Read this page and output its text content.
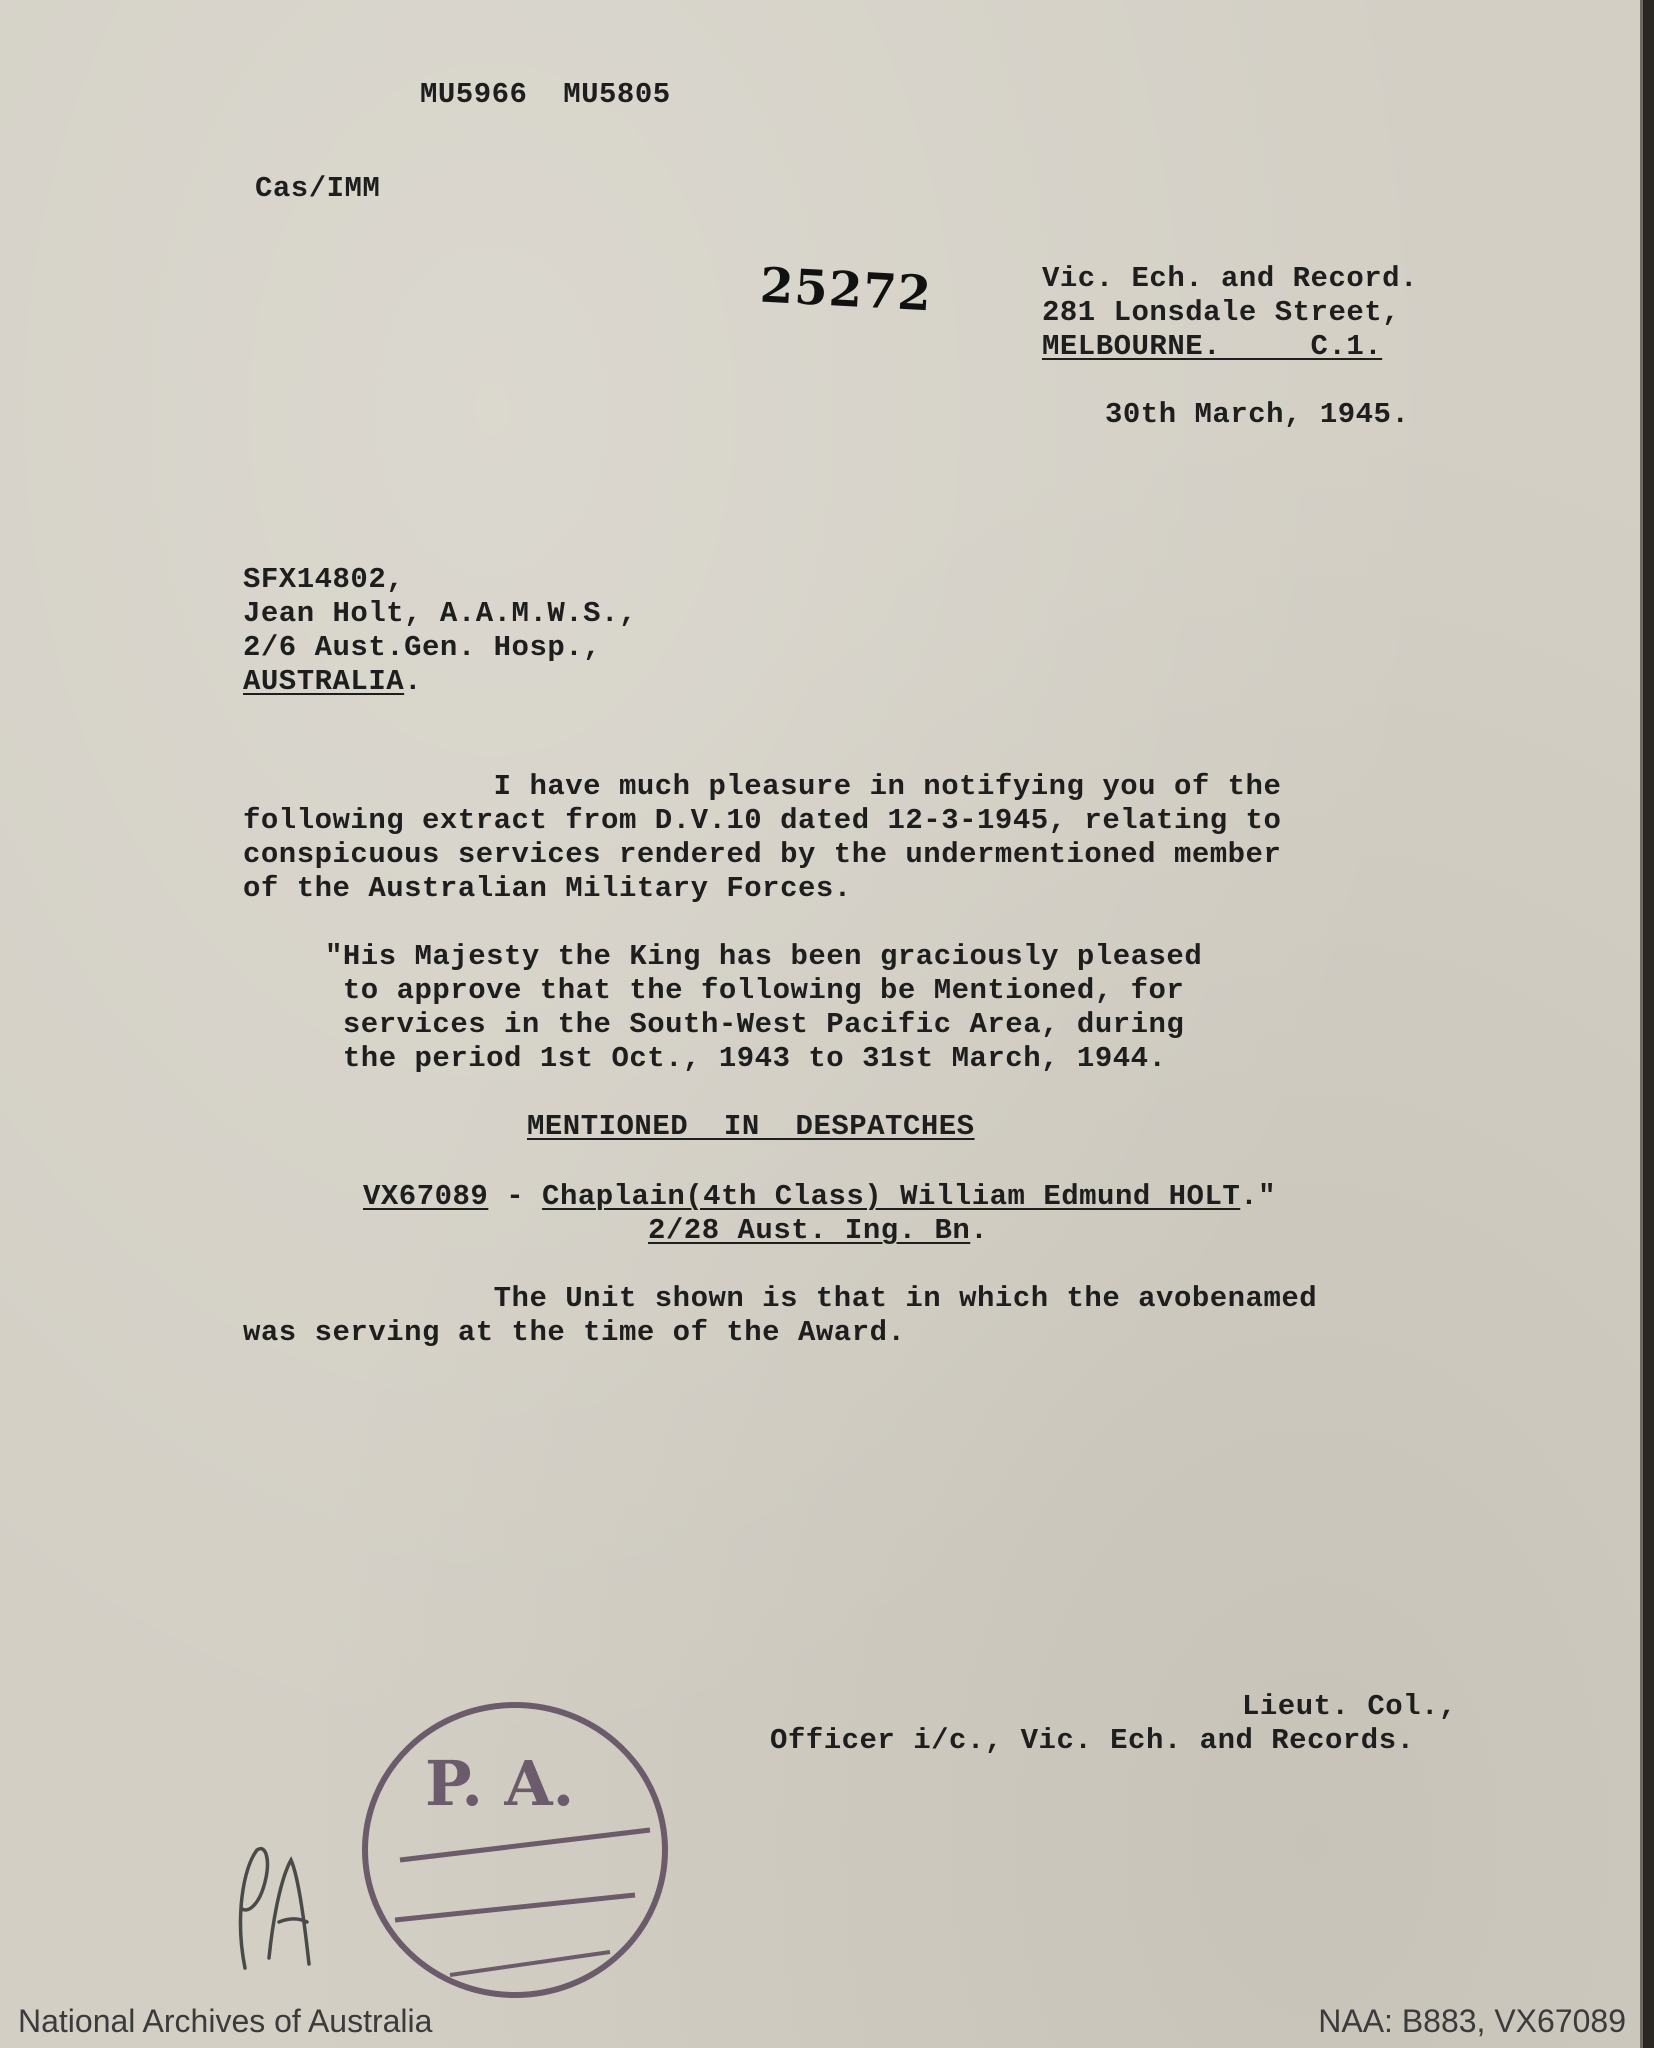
MU5966  MU5805

Cas/IMM

25272	Vic. Ech. and Record.

281 Lonsdale Street,

MELBOURNE.	C.1.

30th March, 1945.

SFX14802,

Jean Holt, A.A.M.W.S.,

2/6 Aust.Gen. Hosp.,

AUSTRALIA.

I have much pleasure in notifying you of the

following extract from D.V.10 dated 12-3-1945, relating to

conspicuous services rendered by the undermentioned member

of the Australian Military Forces.

"His Majesty the King has been graciously pleased

to approve that the following be Mentioned, for

services in the South-West Pacific Area, during

the period 1st Oct., 1943 to 31st March, 1944.

MENTIONED  IN  DESPATCHES

VX67089 - Chaplain(4th Class) William Edmund HOLT."

2/28 Aust. Ing. Bn.

The Unit shown is that in which the avobenamed

was serving at the time of the Award.

Lieut. Col.,

Officer i/c., Vic. Ech. and Records.

P. A.

National Archives of Australia	NAA: B883, VX67089
